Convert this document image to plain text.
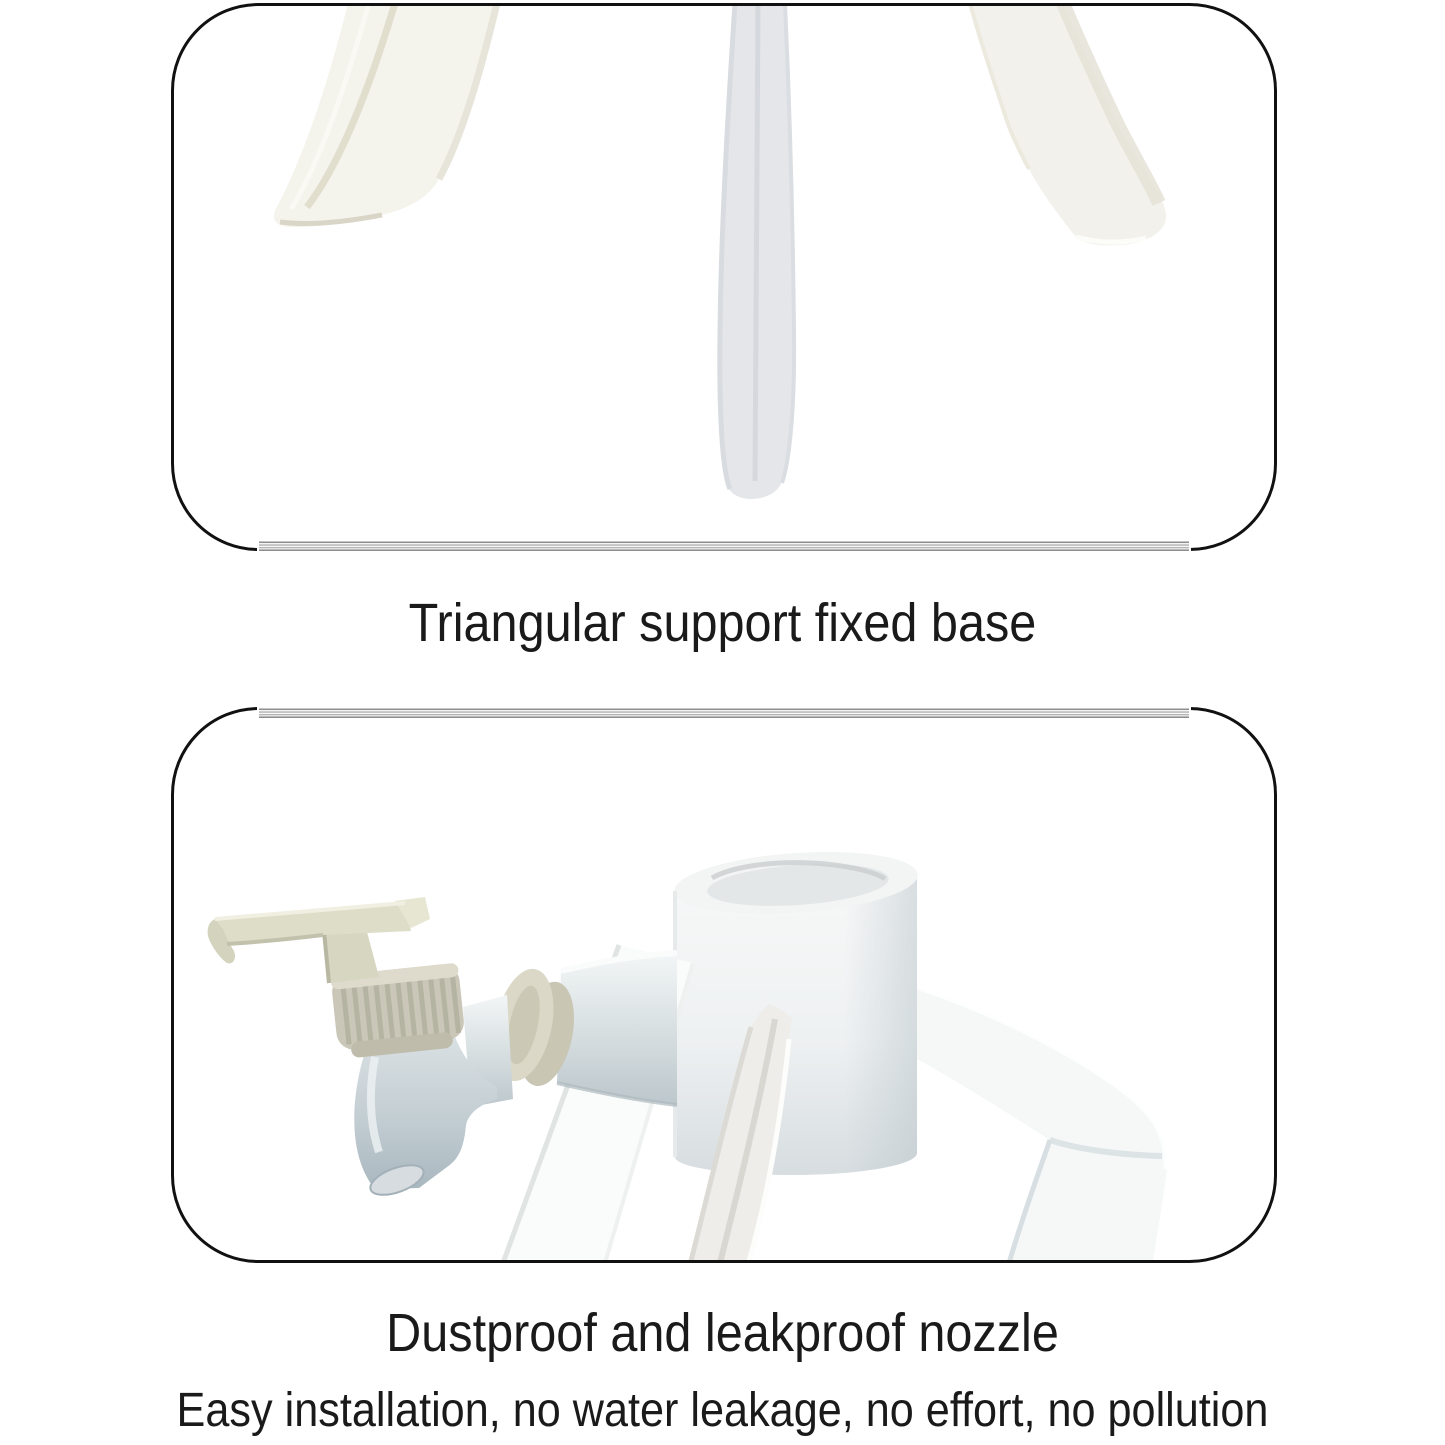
Triangular support fixed base
Dustproof and leakproof nozzle
Easy installation, no water leakage, no effort, no pollution
